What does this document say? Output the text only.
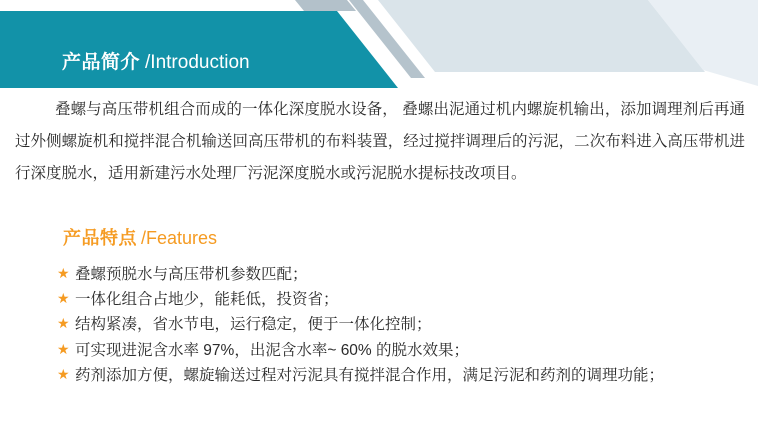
产品简介 /Introduction

叠螺与高压带机组合而成的一体化深度脱水设备， 叠螺出泥通过机内螺旋机输出，添加调理剂后再通过外侧螺旋机和搅拌混合机输送回高压带机的布料装置，经过搅拌调理后的污泥，二次布料进入高压带机进行深度脱水，适用新建污水处理厂污泥深度脱水或污泥脱水提标技改项目。

产品特点 /Features
★ 叠螺预脱水与高压带机参数匹配；
★ 一体化组合占地少，能耗低，投资省；
★ 结构紧凑，省水节电，运行稳定，便于一体化控制；
★ 可实现进泥含水率 97%，出泥含水率~ 60% 的脱水效果；
★ 药剂添加方便，螺旋输送过程对污泥具有搅拌混合作用，满足污泥和药剂的调理功能；
